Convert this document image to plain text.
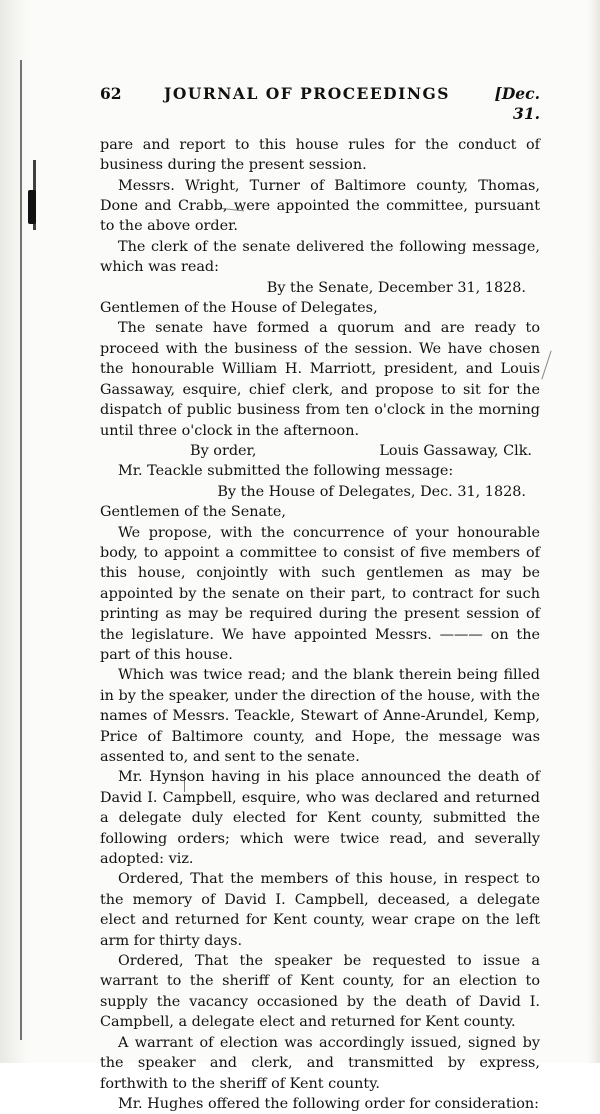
62	JOURNAL OF PROCEEDINGS	[Dec. 31.

pare and report to this house rules for the conduct of business during the present session.

Messrs. Wright, Turner of Baltimore county, Thomas, Done and Crabb, were appointed the committee, pursuant to the above order.

The clerk of the senate delivered the following message, which was read:

By the Senate, December 31, 1828.

Gentlemen of the House of Delegates,

The senate have formed a quorum and are ready to proceed with the business of the session. We have chosen the honourable William H. Marriott, president, and Louis Gassaway, esquire, chief clerk, and propose to sit for the dispatch of public business from ten o'clock in the morning until three o'clock in the afternoon.

By order,	Louis Gassaway, Clk.

Mr. Teackle submitted the following message:

By the House of Delegates, Dec. 31, 1828.

Gentlemen of the Senate,

We propose, with the concurrence of your honourable body, to appoint a committee to consist of five members of this house, conjointly with such gentlemen as may be appointed by the senate on their part, to contract for such printing as may be required during the present session of the legislature. We have appointed Messrs. ——— on the part of this house.

Which was twice read; and the blank therein being filled in by the speaker, under the direction of the house, with the names of Messrs. Teackle, Stewart of Anne-Arundel, Kemp, Price of Baltimore county, and Hope, the message was assented to, and sent to the senate.

Mr. Hynson having in his place announced the death of David I. Campbell, esquire, who was declared and returned a delegate duly elected for Kent county, submitted the following orders; which were twice read, and severally adopted: viz.

Ordered, That the members of this house, in respect to the memory of David I. Campbell, deceased, a delegate elect and returned for Kent county, wear crape on the left arm for thirty days.

Ordered, That the speaker be requested to issue a warrant to the sheriff of Kent county, for an election to supply the vacancy occasioned by the death of David I. Campbell, a delegate elect and returned for Kent county.

A warrant of election was accordingly issued, signed by the speaker and clerk, and transmitted by express, forthwith to the sheriff of Kent county.

Mr. Hughes offered the following order for consideration:
